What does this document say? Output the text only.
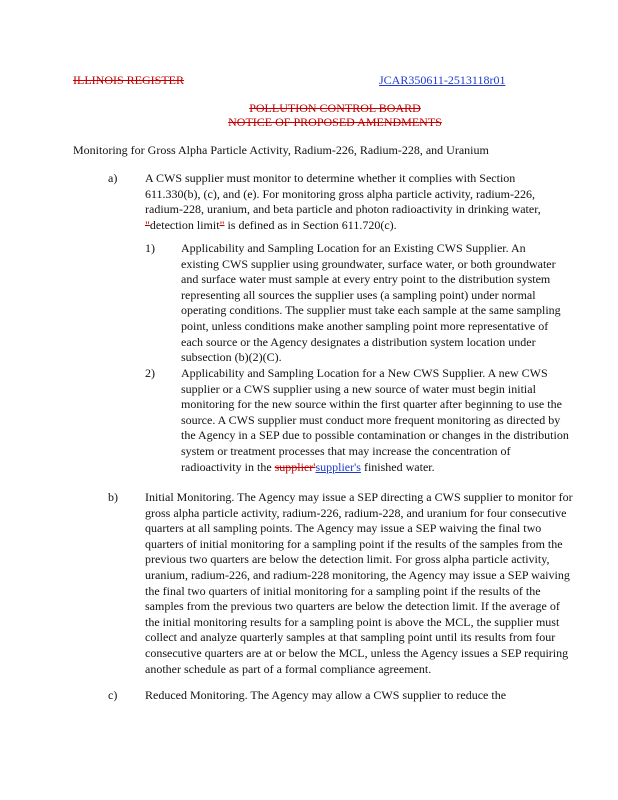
ILLINOIS REGISTER	JCAR350611-2513118r01
POLLUTION CONTROL BOARD
NOTICE OF PROPOSED AMENDMENTS
Monitoring for Gross Alpha Particle Activity, Radium-226, Radium-228, and Uranium
a) A CWS supplier must monitor to determine whether it complies with Section 611.330(b), (c), and (e). For monitoring gross alpha particle activity, radium-226, radium-228, uranium, and beta particle and photon radioactivity in drinking water, "detection limit" is defined as in Section 611.720(c).

1) Applicability and Sampling Location for an Existing CWS Supplier. An existing CWS supplier using groundwater, surface water, or both groundwater and surface water must sample at every entry point to the distribution system representing all sources the supplier uses (a sampling point) under normal operating conditions. The supplier must take each sample at the same sampling point, unless conditions make another sampling point more representative of each source or the Agency designates a distribution system location under subsection (b)(2)(C).

2) Applicability and Sampling Location for a New CWS Supplier. A new CWS supplier or a CWS supplier using a new source of water must begin initial monitoring for the new source within the first quarter after beginning to use the source. A CWS supplier must conduct more frequent monitoring as directed by the Agency in a SEP due to possible contamination or changes in the distribution system or treatment processes that may increase the concentration of radioactivity in the supplier'supplier's finished water.

b) Initial Monitoring. The Agency may issue a SEP directing a CWS supplier to monitor for gross alpha particle activity, radium-226, radium-228, and uranium for four consecutive quarters at all sampling points. The Agency may issue a SEP waiving the final two quarters of initial monitoring for a sampling point if the results of the samples from the previous two quarters are below the detection limit. For gross alpha particle activity, uranium, radium-226, and radium-228 monitoring, the Agency may issue a SEP waiving the final two quarters of initial monitoring for a sampling point if the results of the samples from the previous two quarters are below the detection limit. If the average of the initial monitoring results for a sampling point is above the MCL, the supplier must collect and analyze quarterly samples at that sampling point until its results from four consecutive quarters are at or below the MCL, unless the Agency issues a SEP requiring another schedule as part of a formal compliance agreement.

c) Reduced Monitoring. The Agency may allow a CWS supplier to reduce the
